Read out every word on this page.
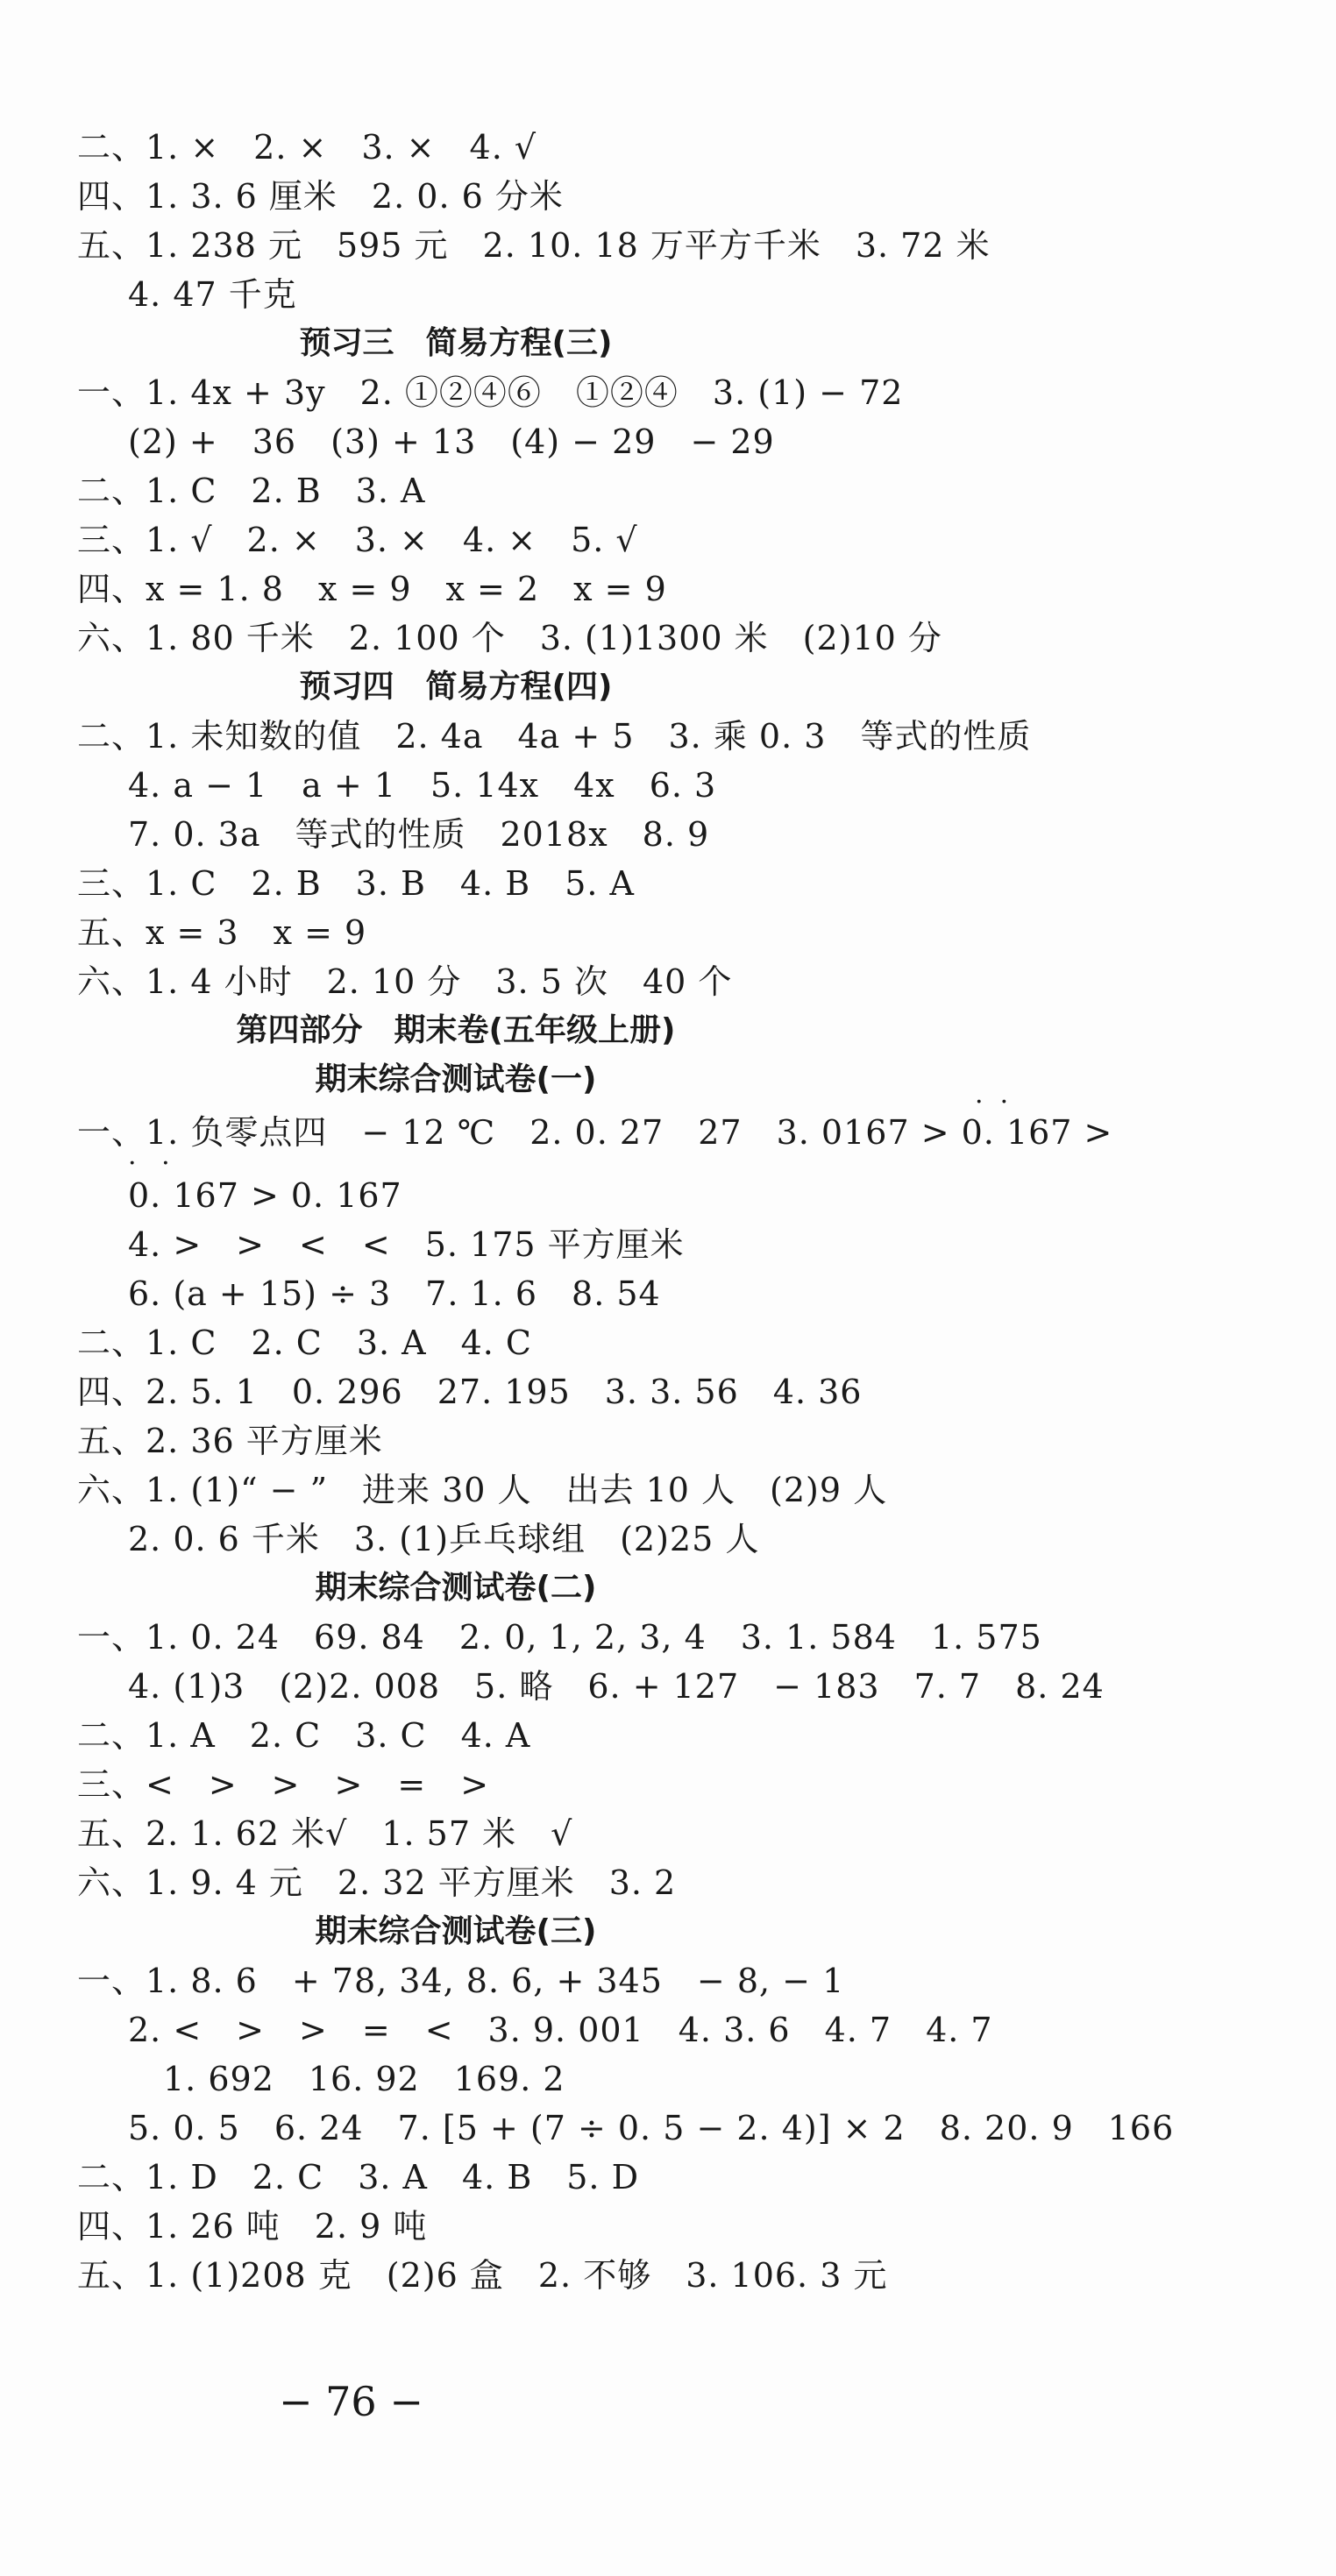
二、1. ×　2. ×　3. ×　4. √
四、1. 3. 6 厘米　2. 0. 6 分米
五、1. 238 元　595 元　2. 10. 18 万平方千米　3. 72 米
4. 47 千克
预习三　简易方程(三)
一、1. 4x + 3y　2. ①②④⑥　①②④　3. (1) − 72
(2) +　36　(3) + 13　(4) − 29　− 29
二、1. C　2. B　3. A
三、1. √　2. ×　3. ×　4. ×　5. √
四、x = 1. 8　x = 9　x = 2　x = 9
六、1. 80 千米　2. 100 个　3. (1)1300 米　(2)10 分
预习四　简易方程(四)
二、1. 未知数的值　2. 4a　4a + 5　3. 乘 0. 3　等式的性质
4. a − 1　a + 1　5. 14x　4x　6. 3
7. 0. 3a　等式的性质　2018x　8. 9
三、1. C　2. B　3. B　4. B　5. A
五、x = 3　x = 9
六、1. 4 小时　2. 10 分　3. 5 次　40 个
第四部分　期末卷(五年级上册)
期末综合测试卷(一)
·  ·
一、1. 负零点四　− 12 ℃　2. 0. 27　27　3. 0167 > 0. 167 >
·   ·
0. 167 > 0. 167
4. >　>　<　<　5. 175 平方厘米
6. (a + 15) ÷ 3　7. 1. 6　8. 54
二、1. C　2. C　3. A　4. C
四、2. 5. 1　0. 296　27. 195　3. 3. 56　4. 36
五、2. 36 平方厘米
六、1. (1)“ − ”　进来 30 人　出去 10 人　(2)9 人
2. 0. 6 千米　3. (1)乒乓球组　(2)25 人
期末综合测试卷(二)
一、1. 0. 24　69. 84　2. 0, 1, 2, 3, 4　3. 1. 584　1. 575
4. (1)3　(2)2. 008　5. 略　6. + 127　− 183　7. 7　8. 24
二、1. A　2. C　3. C　4. A
三、<　>　>　>　=　>
五、2. 1. 62 米√　1. 57 米　√
六、1. 9. 4 元　2. 32 平方厘米　3. 2
期末综合测试卷(三)
一、1. 8. 6　+ 78, 34, 8. 6, + 345　− 8, − 1
2. <　>　>　=　<　3. 9. 001　4. 3. 6　4. 7　4. 7
1. 692　16. 92　169. 2
5. 0. 5　6. 24　7. [5 + (7 ÷ 0. 5 − 2. 4)] × 2　8. 20. 9　166
二、1. D　2. C　3. A　4. B　5. D
四、1. 26 吨　2. 9 吨
五、1. (1)208 克　(2)6 盒　2. 不够　3. 106. 3 元
− 76 −
